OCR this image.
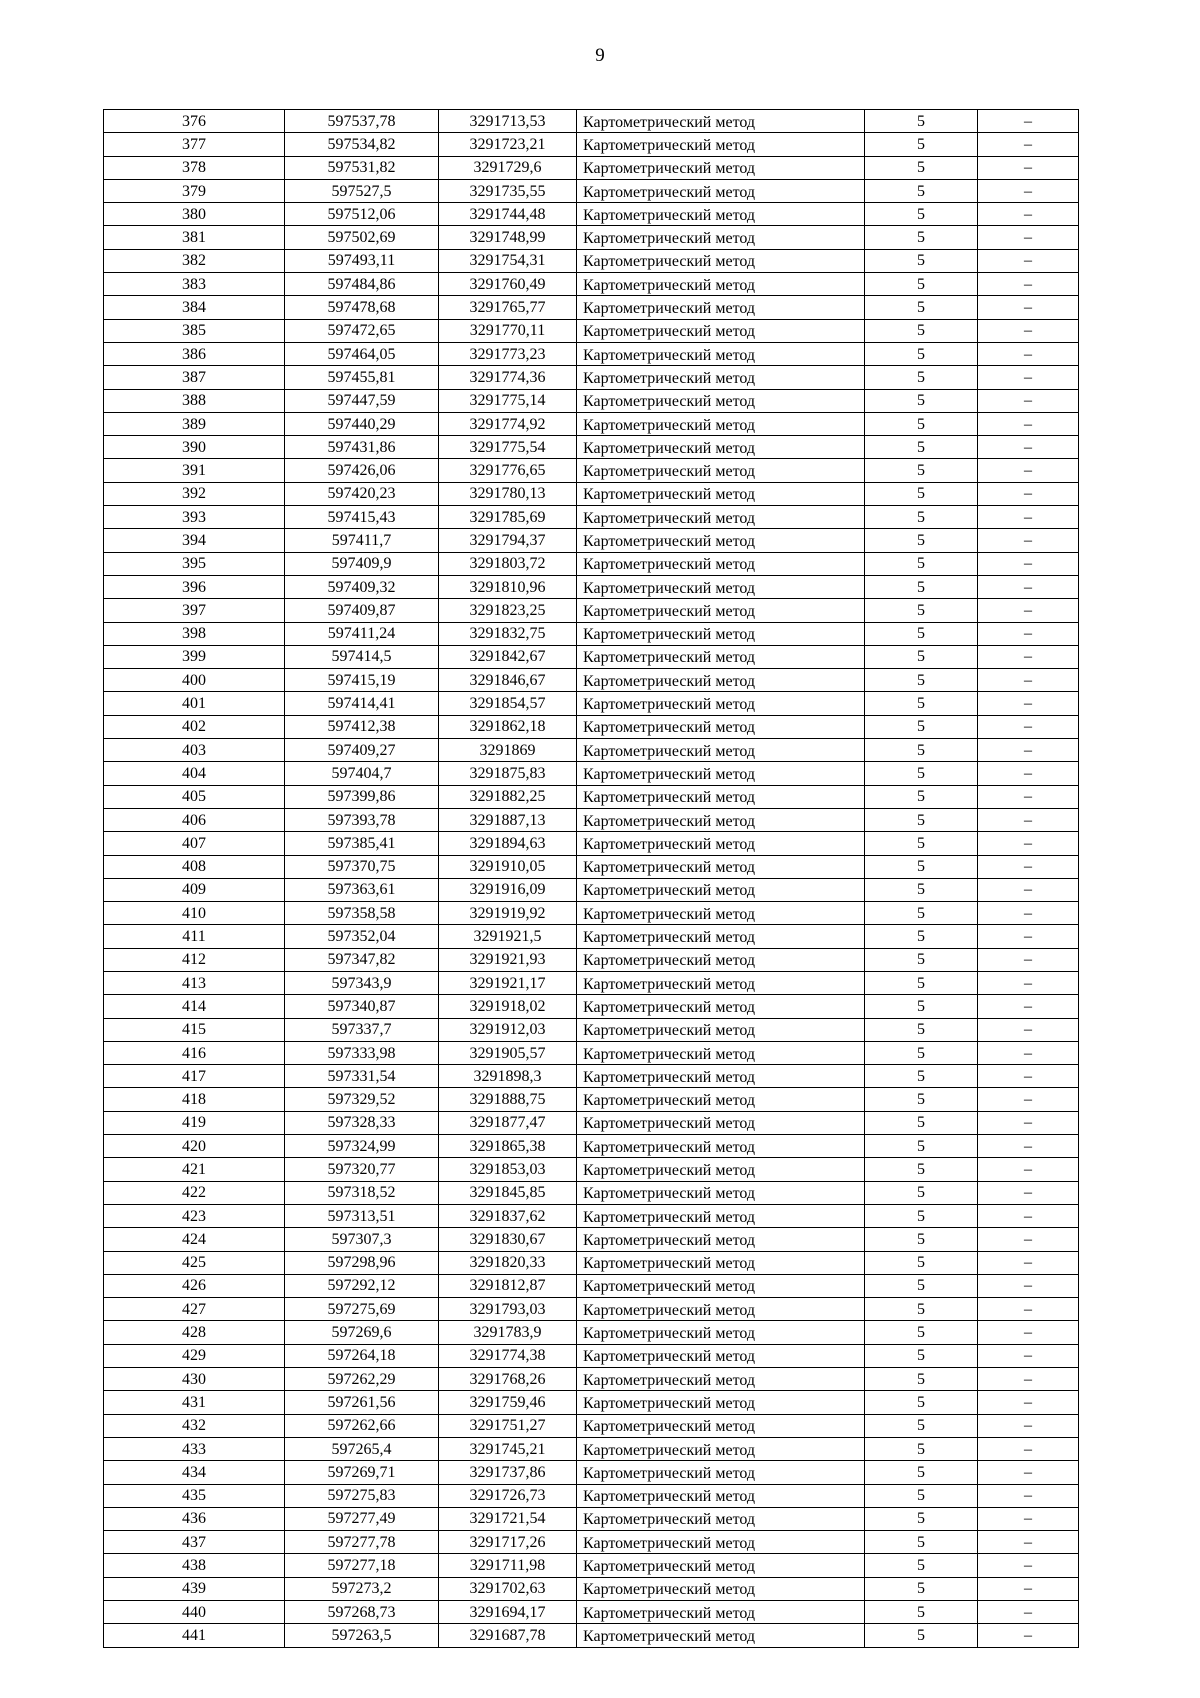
9
376	597537,78	3291713,53	Картометрический метод	5	–
377	597534,82	3291723,21	Картометрический метод	5	–
378	597531,82	3291729,6	Картометрический метод	5	–
379	597527,5	3291735,55	Картометрический метод	5	–
380	597512,06	3291744,48	Картометрический метод	5	–
381	597502,69	3291748,99	Картометрический метод	5	–
382	597493,11	3291754,31	Картометрический метод	5	–
383	597484,86	3291760,49	Картометрический метод	5	–
384	597478,68	3291765,77	Картометрический метод	5	–
385	597472,65	3291770,11	Картометрический метод	5	–
386	597464,05	3291773,23	Картометрический метод	5	–
387	597455,81	3291774,36	Картометрический метод	5	–
388	597447,59	3291775,14	Картометрический метод	5	–
389	597440,29	3291774,92	Картометрический метод	5	–
390	597431,86	3291775,54	Картометрический метод	5	–
391	597426,06	3291776,65	Картометрический метод	5	–
392	597420,23	3291780,13	Картометрический метод	5	–
393	597415,43	3291785,69	Картометрический метод	5	–
394	597411,7	3291794,37	Картометрический метод	5	–
395	597409,9	3291803,72	Картометрический метод	5	–
396	597409,32	3291810,96	Картометрический метод	5	–
397	597409,87	3291823,25	Картометрический метод	5	–
398	597411,24	3291832,75	Картометрический метод	5	–
399	597414,5	3291842,67	Картометрический метод	5	–
400	597415,19	3291846,67	Картометрический метод	5	–
401	597414,41	3291854,57	Картометрический метод	5	–
402	597412,38	3291862,18	Картометрический метод	5	–
403	597409,27	3291869	Картометрический метод	5	–
404	597404,7	3291875,83	Картометрический метод	5	–
405	597399,86	3291882,25	Картометрический метод	5	–
406	597393,78	3291887,13	Картометрический метод	5	–
407	597385,41	3291894,63	Картометрический метод	5	–
408	597370,75	3291910,05	Картометрический метод	5	–
409	597363,61	3291916,09	Картометрический метод	5	–
410	597358,58	3291919,92	Картометрический метод	5	–
411	597352,04	3291921,5	Картометрический метод	5	–
412	597347,82	3291921,93	Картометрический метод	5	–
413	597343,9	3291921,17	Картометрический метод	5	–
414	597340,87	3291918,02	Картометрический метод	5	–
415	597337,7	3291912,03	Картометрический метод	5	–
416	597333,98	3291905,57	Картометрический метод	5	–
417	597331,54	3291898,3	Картометрический метод	5	–
418	597329,52	3291888,75	Картометрический метод	5	–
419	597328,33	3291877,47	Картометрический метод	5	–
420	597324,99	3291865,38	Картометрический метод	5	–
421	597320,77	3291853,03	Картометрический метод	5	–
422	597318,52	3291845,85	Картометрический метод	5	–
423	597313,51	3291837,62	Картометрический метод	5	–
424	597307,3	3291830,67	Картометрический метод	5	–
425	597298,96	3291820,33	Картометрический метод	5	–
426	597292,12	3291812,87	Картометрический метод	5	–
427	597275,69	3291793,03	Картометрический метод	5	–
428	597269,6	3291783,9	Картометрический метод	5	–
429	597264,18	3291774,38	Картометрический метод	5	–
430	597262,29	3291768,26	Картометрический метод	5	–
431	597261,56	3291759,46	Картометрический метод	5	–
432	597262,66	3291751,27	Картометрический метод	5	–
433	597265,4	3291745,21	Картометрический метод	5	–
434	597269,71	3291737,86	Картометрический метод	5	–
435	597275,83	3291726,73	Картометрический метод	5	–
436	597277,49	3291721,54	Картометрический метод	5	–
437	597277,78	3291717,26	Картометрический метод	5	–
438	597277,18	3291711,98	Картометрический метод	5	–
439	597273,2	3291702,63	Картометрический метод	5	–
440	597268,73	3291694,17	Картометрический метод	5	–
441	597263,5	3291687,78	Картометрический метод	5	–
